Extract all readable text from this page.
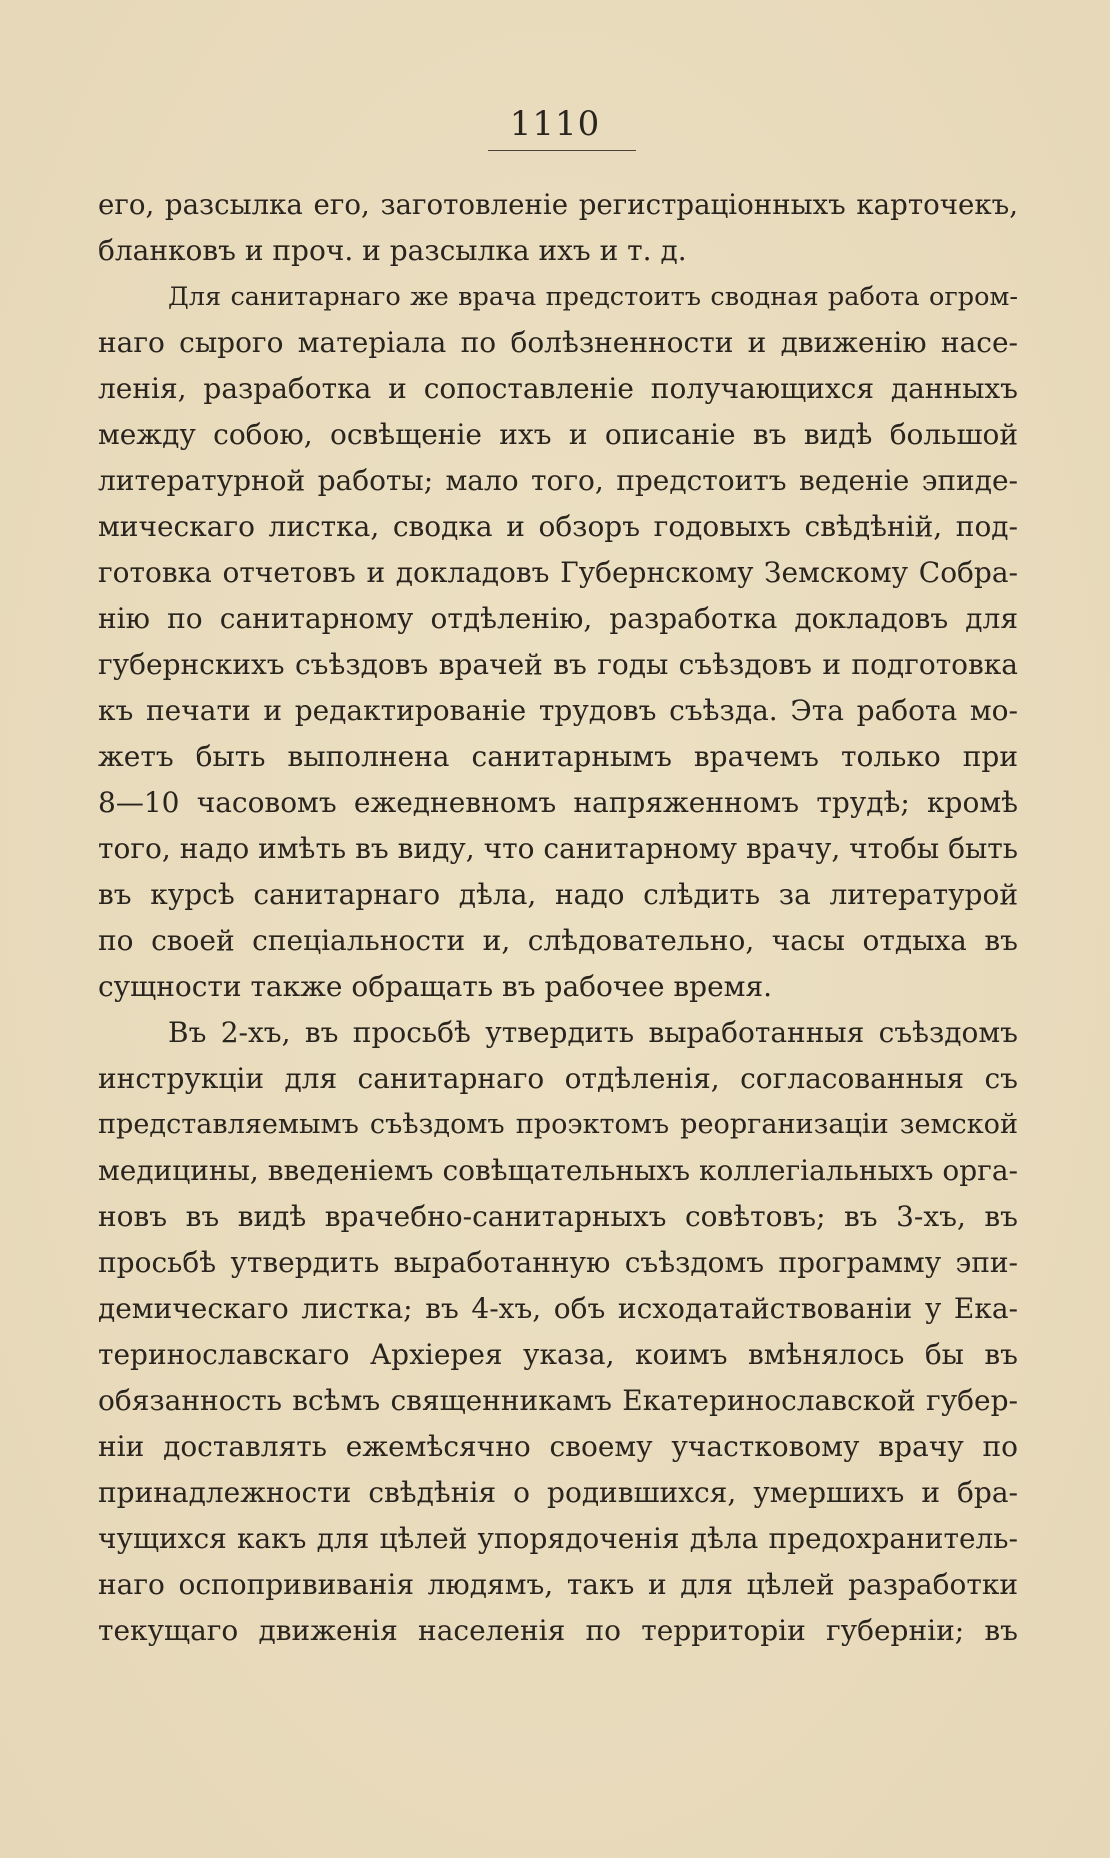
1110
его, разсылка его, заготовленіе регистраціонныхъ карточекъ,
бланковъ и проч. и разсылка ихъ и т. д.
Для санитарнаго же врача предстоитъ сводная работа огром-
наго сырого матеріала по болѣзненности и движенію насе-
ленія, разработка и сопоставленіе получающихся данныхъ
между собою, освѣщеніе ихъ и описаніе въ видѣ большой
литературной работы; мало того, предстоитъ веденіе эпиде-
мическаго листка, сводка и обзоръ годовыхъ свѣдѣній, под-
готовка отчетовъ и докладовъ Губернскому Земскому Собра-
нію по санитарному отдѣленію, разработка докладовъ для
губернскихъ съѣздовъ врачей въ годы съѣздовъ и подготовка
къ печати и редактированіе трудовъ съѣзда. Эта работа мо-
жетъ быть выполнена санитарнымъ врачемъ только при
8—10 часовомъ ежедневномъ напряженномъ трудѣ; кромѣ
того, надо имѣть въ виду, что санитарному врачу, чтобы быть
въ курсѣ санитарнаго дѣла, надо слѣдить за литературой
по своей спеціальности и, слѣдовательно, часы отдыха въ
сущности также обращать въ рабочее время.
Въ 2-хъ, въ просьбѣ утвердить выработанныя съѣздомъ
инструкціи для санитарнаго отдѣленія, согласованныя съ
представляемымъ съѣздомъ проэктомъ реорганизаціи земской
медицины, введеніемъ совѣщательныхъ коллегіальныхъ орга-
новъ въ видѣ врачебно-санитарныхъ совѣтовъ; въ 3-хъ, въ
просьбѣ утвердить выработанную съѣздомъ программу эпи-
демическаго листка; въ 4-хъ, объ исходатайствованіи у Ека-
теринославскаго Архіерея указа, коимъ вмѣнялось бы въ
обязанность всѣмъ священникамъ Екатеринославской губер-
ніи доставлять ежемѣсячно своему участковому врачу по
принадлежности свѣдѣнія о родившихся, умершихъ и бра-
чущихся какъ для цѣлей упорядоченія дѣла предохранитель-
наго оспопрививанія людямъ, такъ и для цѣлей разработки
текущаго движенія населенія по территоріи губерніи; въ
